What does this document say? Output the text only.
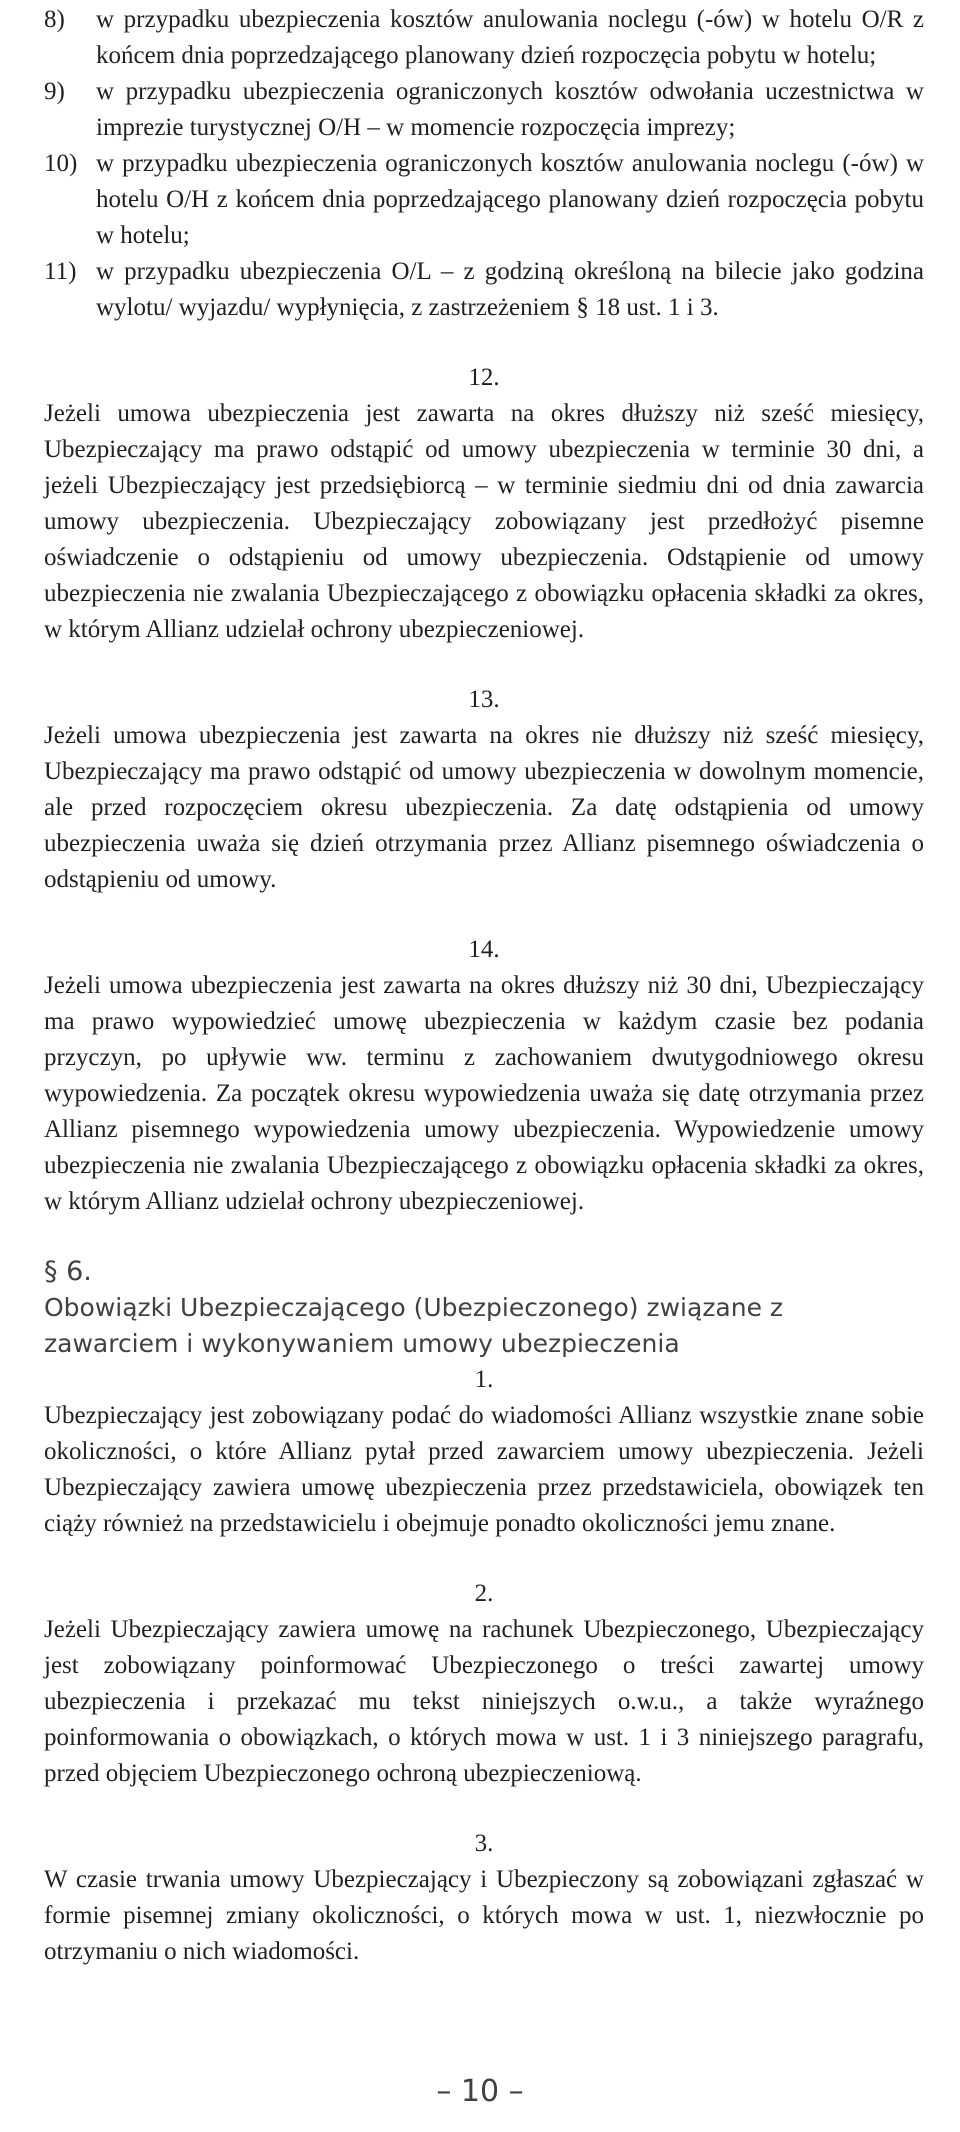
8) w przypadku ubezpieczenia kosztów anulowania noclegu (-ów) w hotelu O/R z końcem dnia poprzedzającego planowany dzień rozpoczęcia pobytu w hotelu;

9) w przypadku ubezpieczenia ograniczonych kosztów odwołania uczestnictwa w imprezie turystycznej O/H – w momencie rozpoczęcia imprezy;

10) w przypadku ubezpieczenia ograniczonych kosztów anulowania noclegu (-ów) w hotelu O/H z końcem dnia poprzedzającego planowany dzień rozpoczęcia pobytu w hotelu;

11) w przypadku ubezpieczenia O/L – z godziną określoną na bilecie jako godzina wylotu/ wyjazdu/ wypłynięcia, z zastrzeżeniem § 18 ust. 1 i 3.

12.

Jeżeli umowa ubezpieczenia jest zawarta na okres dłuższy niż sześć miesięcy, Ubezpieczający ma prawo odstąpić od umowy ubezpieczenia w terminie 30 dni, a jeżeli Ubezpieczający jest przedsiębiorcą – w terminie siedmiu dni od dnia zawarcia umowy ubezpieczenia. Ubezpieczający zobowiązany jest przedłożyć pisemne oświadczenie o odstąpieniu od umowy ubezpieczenia. Odstąpienie od umowy ubezpieczenia nie zwalania Ubezpieczającego z obowiązku opłacenia składki za okres, w którym Allianz udzielał ochrony ubezpieczeniowej.

13.

Jeżeli umowa ubezpieczenia jest zawarta na okres nie dłuższy niż sześć miesięcy, Ubezpieczający ma prawo odstąpić od umowy ubezpieczenia w dowolnym momencie, ale przed rozpoczęciem okresu ubezpieczenia. Za datę odstąpienia od umowy ubezpieczenia uważa się dzień otrzymania przez Allianz pisemnego oświadczenia o odstąpieniu od umowy.

14.

Jeżeli umowa ubezpieczenia jest zawarta na okres dłuższy niż 30 dni, Ubezpieczający ma prawo wypowiedzieć umowę ubezpieczenia w każdym czasie bez podania przyczyn, po upływie ww. terminu z zachowaniem dwutygodniowego okresu wypowiedzenia. Za początek okresu wypowiedzenia uważa się datę otrzymania przez Allianz pisemnego wypowiedzenia umowy ubezpieczenia. Wypowiedzenie umowy ubezpieczenia nie zwalania Ubezpieczającego z obowiązku opłacenia składki za okres, w którym Allianz udzielał ochrony ubezpieczeniowej.

§ 6.

Obowiązki Ubezpieczającego (Ubezpieczonego) związane z zawarciem i wykonywaniem umowy ubezpieczenia

1.

Ubezpieczający jest zobowiązany podać do wiadomości Allianz wszystkie znane sobie okoliczności, o które Allianz pytał przed zawarciem umowy ubezpieczenia. Jeżeli Ubezpieczający zawiera umowę ubezpieczenia przez przedstawiciela, obowiązek ten ciąży również na przedstawicielu i obejmuje ponadto okoliczności jemu znane.

2.

Jeżeli Ubezpieczający zawiera umowę na rachunek Ubezpieczonego, Ubezpieczający jest zobowiązany poinformować Ubezpieczonego o treści zawartej umowy ubezpieczenia i przekazać mu tekst niniejszych o.w.u., a także wyraźnego poinformowania o obowiązkach, o których mowa w ust. 1 i 3 niniejszego paragrafu, przed objęciem Ubezpieczonego ochroną ubezpieczeniową.

3.

W czasie trwania umowy Ubezpieczający i Ubezpieczony są zobowiązani zgłaszać w formie pisemnej zmiany okoliczności, o których mowa w ust. 1, niezwłocznie po otrzymaniu o nich wiadomości.

– 10 –
